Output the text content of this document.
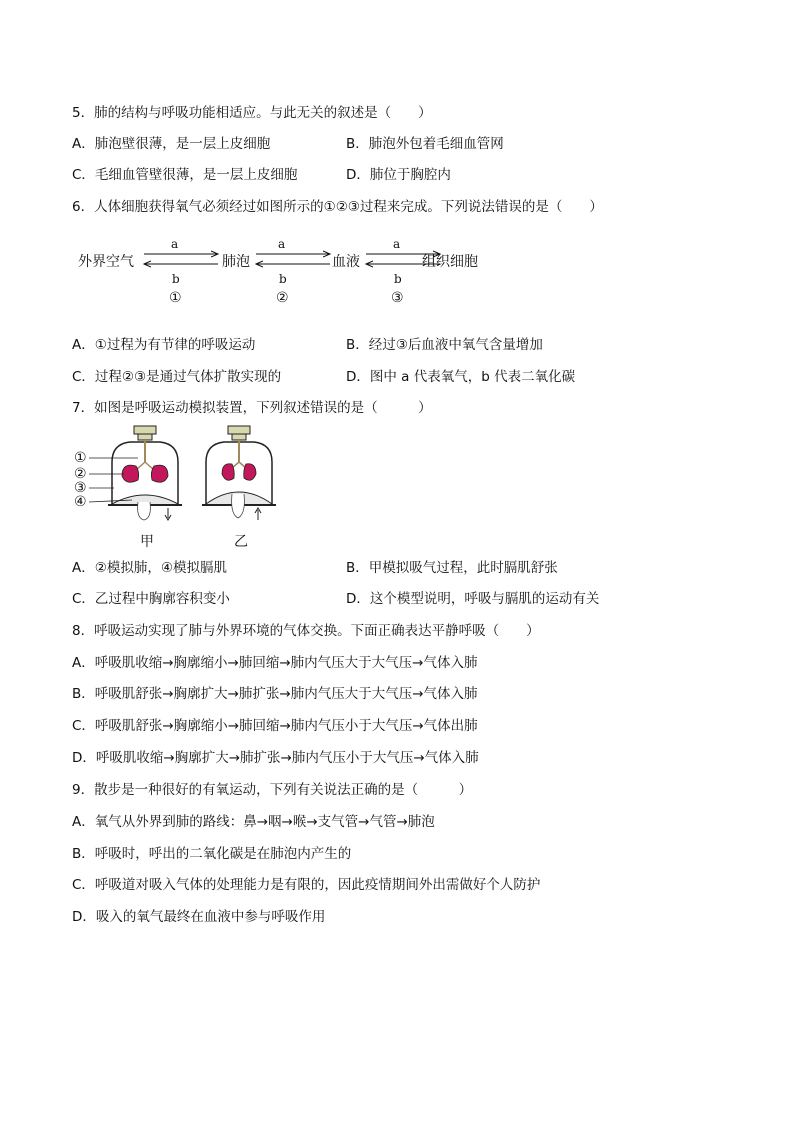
5．肺的结构与呼吸功能相适应。与此无关的叙述是（　　）
A．肺泡壁很薄，是一层上皮细胞	B．肺泡外包着毛细血管网
C．毛细血管壁很薄，是一层上皮细胞	D．肺位于胸腔内
6．人体细胞获得氧气必须经过如图所示的①②③过程来完成。下列说法错误的是（　　）
外界空气	肺泡	血液	组织细胞
a
b
①
a
b
②
a
b
③
A．①过程为有节律的呼吸运动	B．经过③后血液中氧气含量增加
C．过程②③是通过气体扩散实现的	D．图中 a 代表氧气，b 代表二氧化碳
7．如图是呼吸运动模拟装置，下列叙述错误的是（　　　）
①
②
③
④
甲	乙
A．②模拟肺，④模拟膈肌	B．甲模拟吸气过程，此时膈肌舒张
C．乙过程中胸廓容积变小	D．这个模型说明，呼吸与膈肌的运动有关
8．呼吸运动实现了肺与外界环境的气体交换。下面正确表达平静呼吸（　　）
A．呼吸肌收缩→胸廓缩小→肺回缩→肺内气压大于大气压→气体入肺
B．呼吸肌舒张→胸廓扩大→肺扩张→肺内气压大于大气压→气体入肺
C．呼吸肌舒张→胸廓缩小→肺回缩→肺内气压小于大气压→气体出肺
D．呼吸肌收缩→胸廓扩大→肺扩张→肺内气压小于大气压→气体入肺
9．散步是一种很好的有氧运动，下列有关说法正确的是（　　　）
A．氧气从外界到肺的路线：鼻→咽→喉→支气管→气管→肺泡
B．呼吸时，呼出的二氧化碳是在肺泡内产生的
C．呼吸道对吸入气体的处理能力是有限的，因此疫情期间外出需做好个人防护
D．吸入的氧气最终在血液中参与呼吸作用
